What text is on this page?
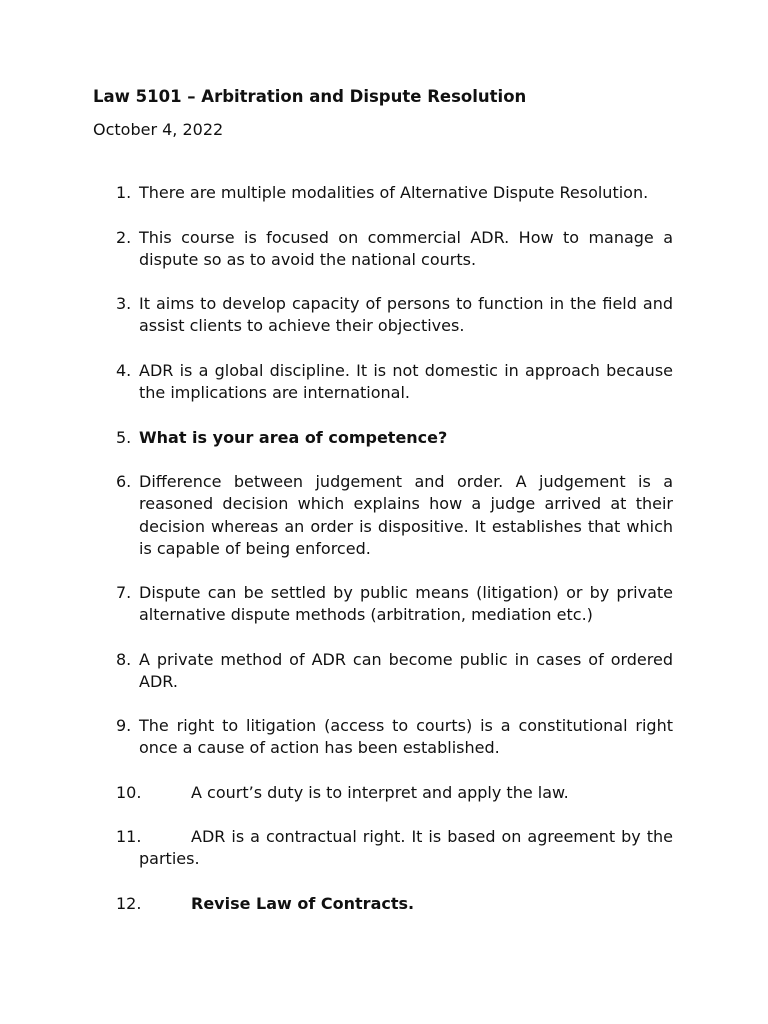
Law 5101 – Arbitration and Dispute Resolution
October 4, 2022
1. There are multiple modalities of Alternative Dispute Resolution.
2. This course is focused on commercial ADR. How to manage a dispute so as to avoid the national courts.
3. It aims to develop capacity of persons to function in the field and assist clients to achieve their objectives.
4. ADR is a global discipline. It is not domestic in approach because the implications are international.
5. What is your area of competence?
6. Difference between judgement and order. A judgement is a reasoned decision which explains how a judge arrived at their decision whereas an order is dispositive. It establishes that which is capable of being enforced.
7. Dispute can be settled by public means (litigation) or by private alternative dispute methods (arbitration, mediation etc.)
8. A private method of ADR can become public in cases of ordered ADR.
9. The right to litigation (access to courts) is a constitutional right once a cause of action has been established.
10.	A court’s duty is to interpret and apply the law.
11.	ADR is a contractual right. It is based on agreement by the parties.
12.	Revise Law of Contracts.
